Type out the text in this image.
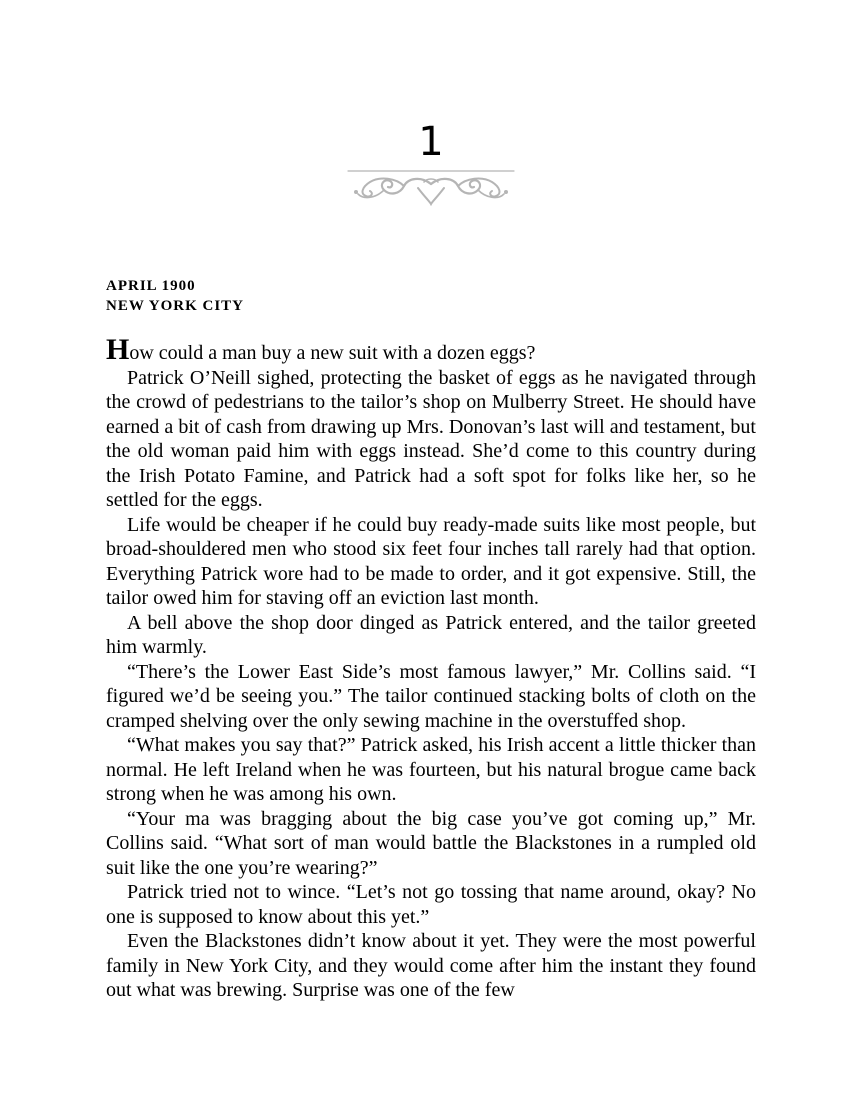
1
APRIL 1900
NEW YORK CITY

How could a man buy a new suit with a dozen eggs?

Patrick O’Neill sighed, protecting the basket of eggs as he navigated through the crowd of pedestrians to the tailor’s shop on Mulberry Street. He should have earned a bit of cash from drawing up Mrs. Donovan’s last will and testament, but the old woman paid him with eggs instead. She’d come to this country during the Irish Potato Famine, and Patrick had a soft spot for folks like her, so he settled for the eggs.

Life would be cheaper if he could buy ready-made suits like most people, but broad-shouldered men who stood six feet four inches tall rarely had that option. Everything Patrick wore had to be made to order, and it got expensive. Still, the tailor owed him for staving off an eviction last month.

A bell above the shop door dinged as Patrick entered, and the tailor greeted him warmly.

“There’s the Lower East Side’s most famous lawyer,” Mr. Collins said. “I figured we’d be seeing you.” The tailor continued stacking bolts of cloth on the cramped shelving over the only sewing machine in the overstuffed shop.

“What makes you say that?” Patrick asked, his Irish accent a little thicker than normal. He left Ireland when he was fourteen, but his natural brogue came back strong when he was among his own.

“Your ma was bragging about the big case you’ve got coming up,” Mr. Collins said. “What sort of man would battle the Blackstones in a rumpled old suit like the one you’re wearing?”

Patrick tried not to wince. “Let’s not go tossing that name around, okay? No one is supposed to know about this yet.”

Even the Blackstones didn’t know about it yet. They were the most powerful family in New York City, and they would come after him the instant they found out what was brewing. Surprise was one of the few
